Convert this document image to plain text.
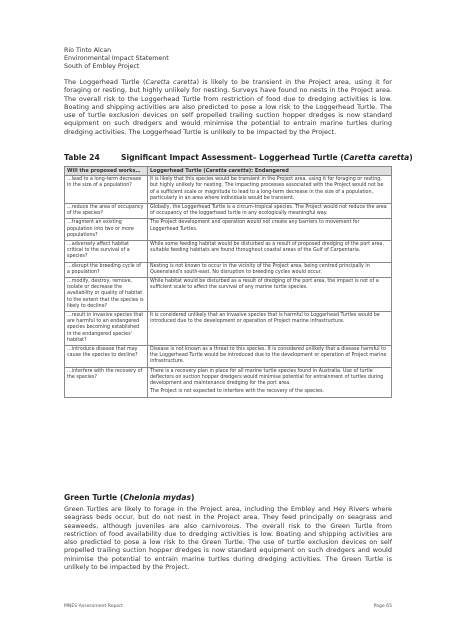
Rio Tinto Alcan
Environmental Impact Statement
South of Embley Project
The Loggerhead Turtle (Caretta caretta) is likely to be transient in the Project area, using it for foraging or resting, but highly unlikely for nesting. Surveys have found no nests in the Project area. The overall risk to the Loggerhead Turtle from restriction of food due to dredging activities is low. Boating and shipping activities are also predicted to pose a low risk to the Loggerhead Turtle. The use of turtle exclusion devices on self propelled trailing suction hopper dredges is now standard equipment on such dredgers and would minimise the potential to entrain marine turtles during dredging activities. The Loggerhead Turtle is unlikely to be impacted by the Project.
Table 24	Significant Impact Assessment– Loggerhead Turtle (Caretta caretta)
Will the proposed works…	Loggerhead Turtle (Caretta caretta): Endangered
…lead to a long-term decrease in the size of a population?	It is likely that this species would be transient in the Project area, using it for foraging or resting, but highly unlikely for nesting. The impacting processes associated with the Project would not be of a sufficient scale or magnitude to lead to a long-term decrease in the size of a population, particularly in an area where individuals would be transient.

…reduce the area of occupancy of the species?	Globally, the Loggerhead Turtle is a circum-tropical species. The Project would not reduce the area of occupancy of the loggerhead turtle in any ecologically meaningful way.

…fragment an existing population into two or more populations?	The Project development and operation would not create any barriers to movement for Loggerhead Turtles.

…adversely affect habitat critical to the survival of a species?	While some feeding habitat would be disturbed as a result of proposed dredging of the port area, suitable feeding habitats are found throughout coastal areas of the Gulf of Carpentaria.

…disrupt the breeding cycle of a population?	Nesting is not known to occur in the vicinity of the Project area, being centred principally in Queensland's south-east. No disruption to breeding cycles would occur.

…modify, destroy, remove, isolate or decrease the availability or quality of habitat to the extent that the species is likely to decline?	While habitat would be disturbed as a result of dredging of the port area, the impact is not of a sufficient scale to affect the survival of any marine turtle species.

…result in invasive species that are harmful to an endangered species becoming established in the endangered species' habitat?	It is considered unlikely that an invasive species that is harmful to Loggerhead Turtles would be introduced due to the development or operation of Project marine infrastructure.

…introduce disease that may cause the species to decline?	Disease is not known as a threat to this species. It is considered unlikely that a disease harmful to the Loggerhead Turtle would be introduced due to the development or operation of Project marine infrastructure.

…interfere with the recovery of the species?	There is a recovery plan in place for all marine turtle species found in Australia. Use of turtle deflectors on suction hopper dredgers would minimise potential for entrainment of turtles during development and maintenance dredging for the port area.

The Project is not expected to interfere with the recovery of the species.

Green Turtle (Chelonia mydas)
Green Turtles are likely to forage in the Project area, including the Embley and Hey Rivers where seagrass beds occur, but do not nest in the Project area. They feed principally on seagrass and seaweeds, although juveniles are also carnivorous. The overall risk to the Green Turtle from restriction of food availability due to dredging activities is low. Boating and shipping activities are also predicted to pose a low risk to the Green Turtle. The use of turtle exclusion devices on self propelled trailing suction hopper dredges is now standard equipment on such dredgers and would minimise the potential to entrain marine turtles during dredging activities. The Green Turtle is unlikely to be impacted by the Project.
MNES Assessment Report	Page 65
